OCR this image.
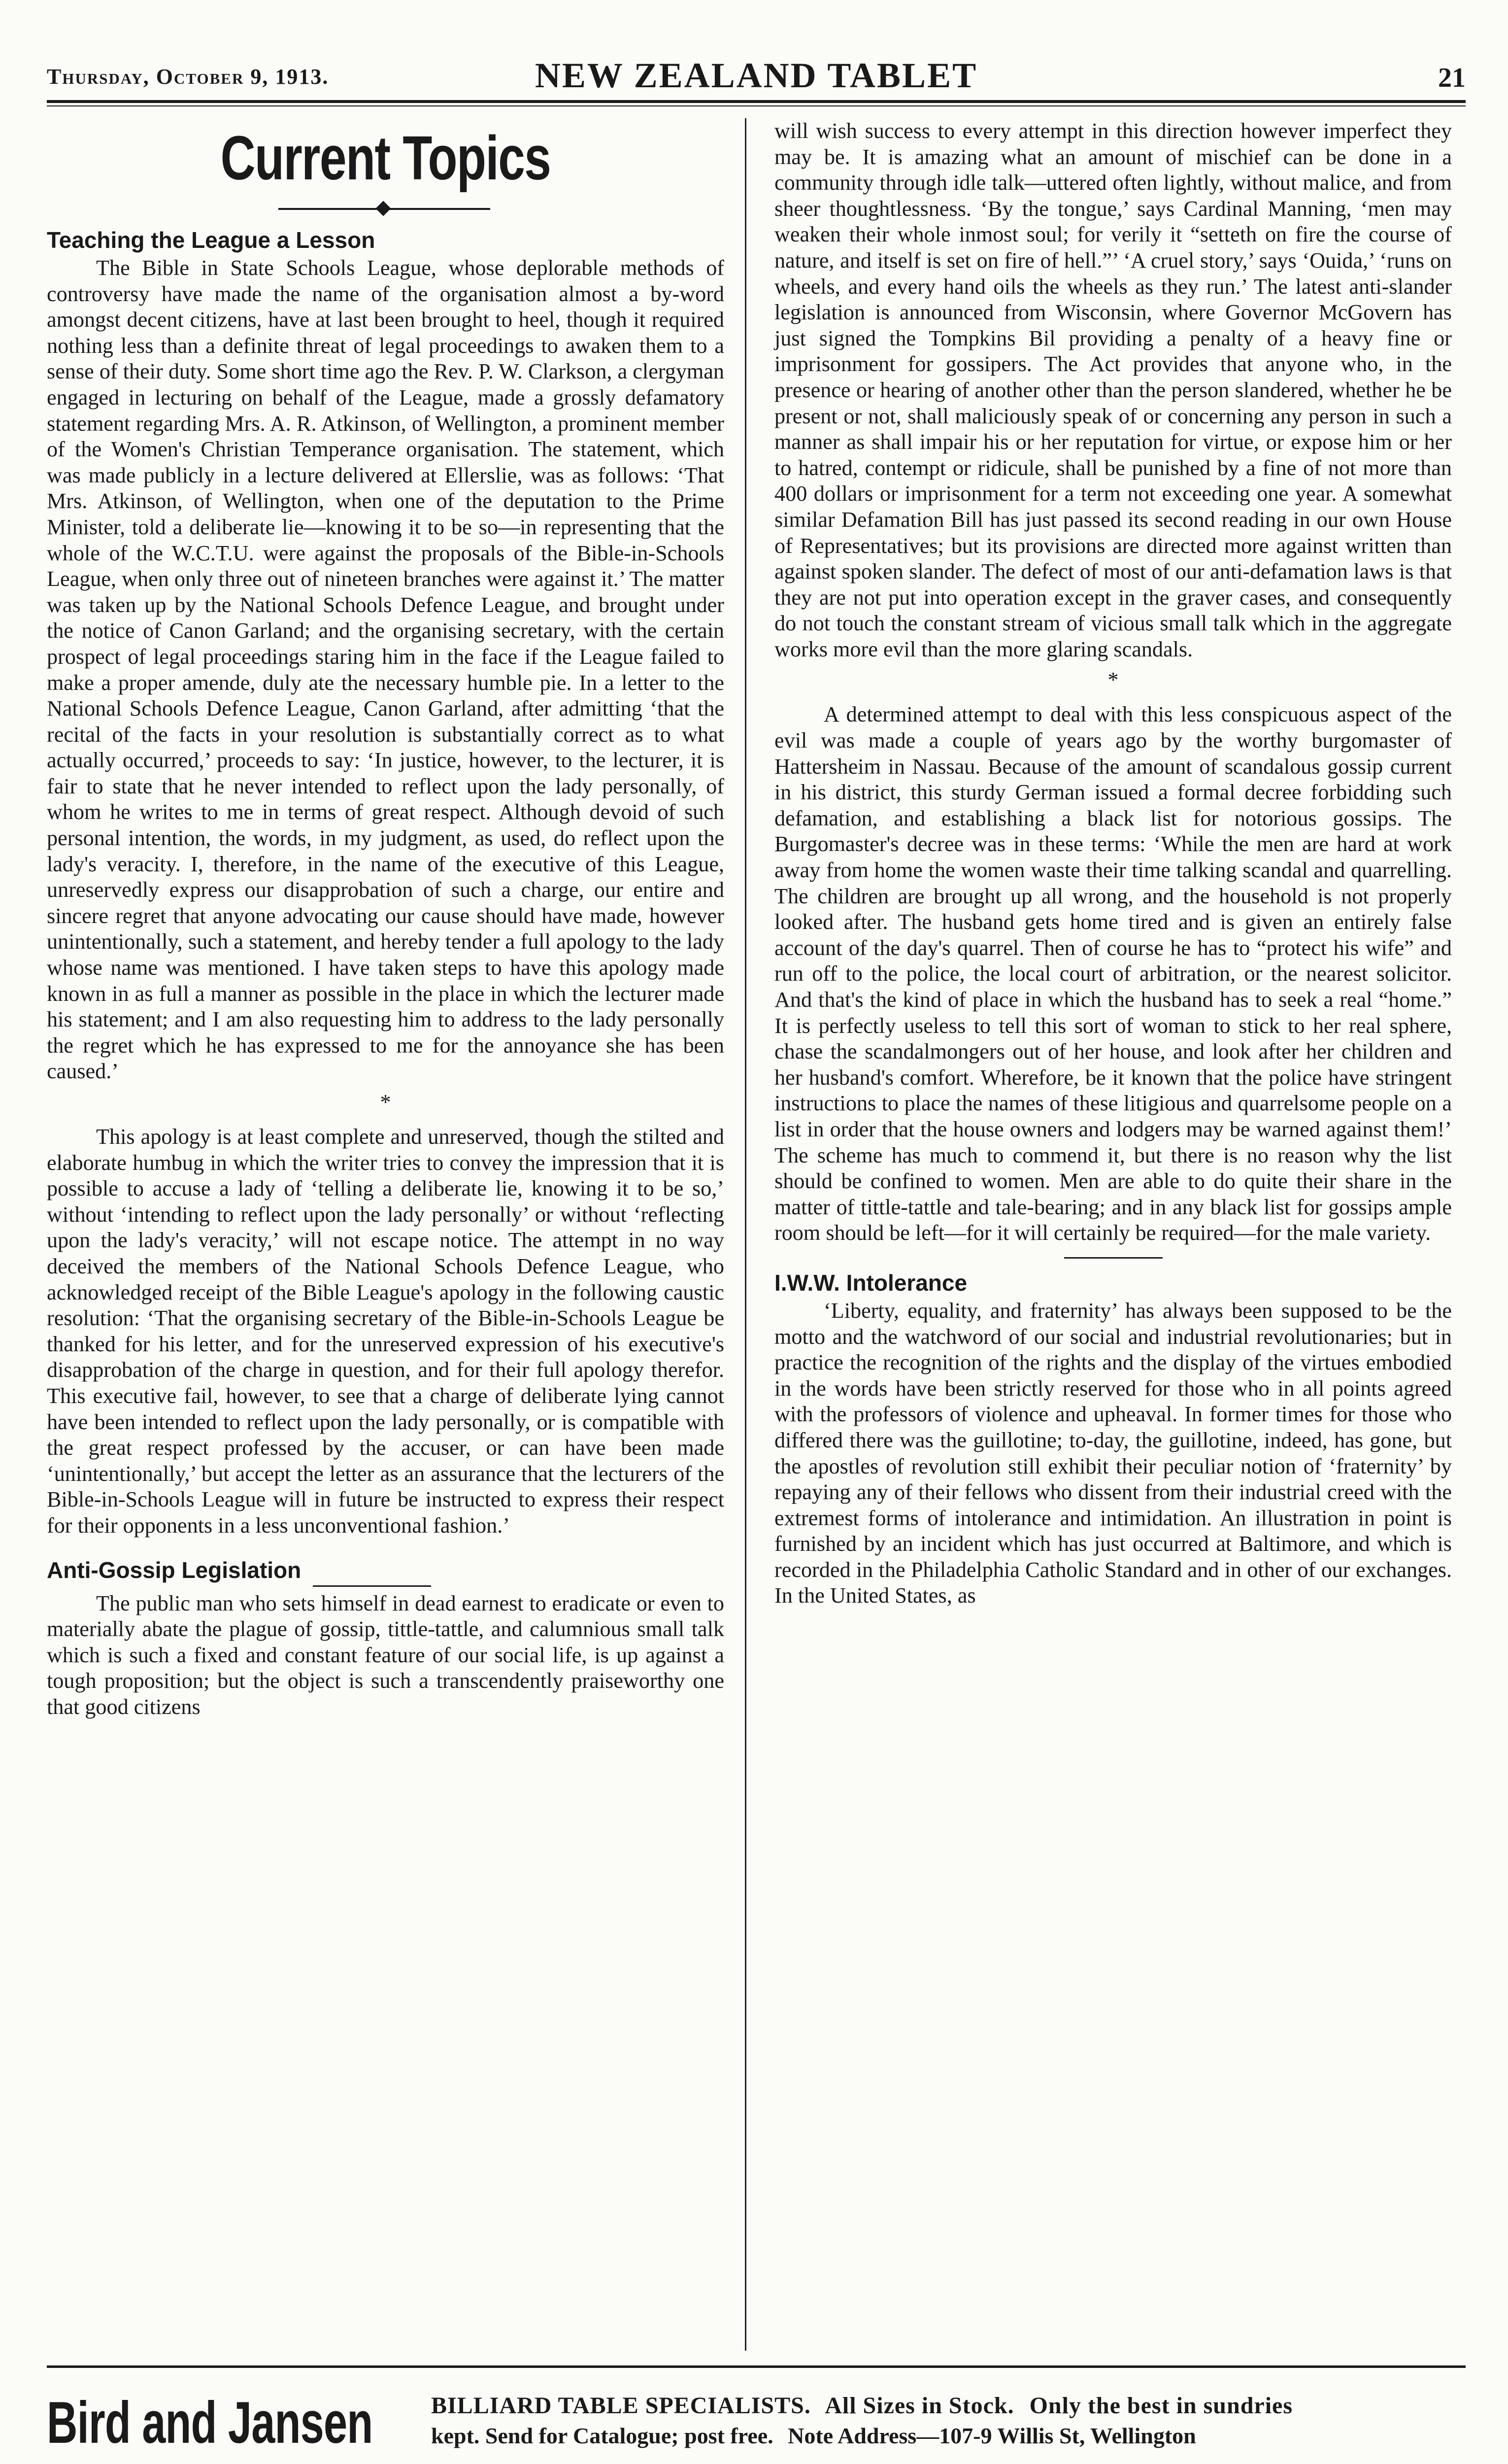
Thursday, October 9, 1913.	NEW ZEALAND TABLET	21
Current Topics
Teaching the League a Lesson

The Bible in State Schools League, whose deplorable methods of controversy have made the name of the organisation almost a by-word amongst decent citizens, have at last been brought to heel, though it required nothing less than a definite threat of legal proceedings to awaken them to a sense of their duty. Some short time ago the Rev. P. W. Clarkson, a clergyman engaged in lecturing on behalf of the League, made a grossly defamatory statement regarding Mrs. A. R. Atkinson, of Wellington, a prominent member of the Women's Christian Temperance organisation. The statement, which was made publicly in a lecture delivered at Ellerslie, was as follows: ‘That Mrs. Atkinson, of Wellington, when one of the deputation to the Prime Minister, told a deliberate lie—knowing it to be so—in representing that the whole of the W.C.T.U. were against the proposals of the Bible-in-Schools League, when only three out of nineteen branches were against it.’ The matter was taken up by the National Schools Defence League, and brought under the notice of Canon Garland; and the organising secretary, with the certain prospect of legal proceedings staring him in the face if the League failed to make a proper amende, duly ate the necessary humble pie. In a letter to the National Schools Defence League, Canon Garland, after admitting ‘that the recital of the facts in your resolution is substantially correct as to what actually occurred,’ proceeds to say: ‘In justice, however, to the lecturer, it is fair to state that he never intended to reflect upon the lady personally, of whom he writes to me in terms of great respect. Although devoid of such personal intention, the words, in my judgment, as used, do reflect upon the lady's veracity. I, therefore, in the name of the executive of this League, unreservedly express our disapprobation of such a charge, our entire and sincere regret that anyone advocating our cause should have made, however unintentionally, such a statement, and hereby tender a full apology to the lady whose name was mentioned. I have taken steps to have this apology made known in as full a manner as possible in the place in which the lecturer made his statement; and I am also requesting him to address to the lady personally the regret which he has expressed to me for the annoyance she has been caused.’

*

This apology is at least complete and unreserved, though the stilted and elaborate humbug in which the writer tries to convey the impression that it is possible to accuse a lady of ‘telling a deliberate lie, knowing it to be so,’ without ‘intending to reflect upon the lady personally’ or without ‘reflecting upon the lady's veracity,’ will not escape notice. The attempt in no way deceived the members of the National Schools Defence League, who acknowledged receipt of the Bible League's apology in the following caustic resolution: ‘That the organising secretary of the Bible-in-Schools League be thanked for his letter, and for the unreserved expression of his executive's disapprobation of the charge in question, and for their full apology therefor. This executive fail, however, to see that a charge of deliberate lying cannot have been intended to reflect upon the lady personally, or is compatible with the great respect professed by the accuser, or can have been made ‘unintentionally,’ but accept the letter as an assurance that the lecturers of the Bible-in-Schools League will in future be instructed to express their respect for their opponents in a less unconventional fashion.’

Anti-Gossip Legislation

The public man who sets himself in dead earnest to eradicate or even to materially abate the plague of gossip, tittle-tattle, and calumnious small talk which is such a fixed and constant feature of our social life, is up against a tough proposition; but the object is such a transcendently praiseworthy one that good citizens

will wish success to every attempt in this direction however imperfect they may be. It is amazing what an amount of mischief can be done in a community through idle talk—uttered often lightly, without malice, and from sheer thoughtlessness. ‘By the tongue,’ says Cardinal Manning, ‘men may weaken their whole inmost soul; for verily it “setteth on fire the course of nature, and itself is set on fire of hell.”’ ‘A cruel story,’ says ‘Ouida,’ ‘runs on wheels, and every hand oils the wheels as they run.’ The latest anti-slander legislation is announced from Wisconsin, where Governor McGovern has just signed the Tompkins Bil providing a penalty of a heavy fine or imprisonment for gossipers. The Act provides that anyone who, in the presence or hearing of another other than the person slandered, whether he be present or not, shall maliciously speak of or concerning any person in such a manner as shall impair his or her reputation for virtue, or expose him or her to hatred, contempt or ridicule, shall be punished by a fine of not more than 400 dollars or imprisonment for a term not exceeding one year. A somewhat similar Defamation Bill has just passed its second reading in our own House of Representatives; but its provisions are directed more against written than against spoken slander. The defect of most of our anti-defamation laws is that they are not put into operation except in the graver cases, and consequently do not touch the constant stream of vicious small talk which in the aggregate works more evil than the more glaring scandals.

*

A determined attempt to deal with this less conspicuous aspect of the evil was made a couple of years ago by the worthy burgomaster of Hattersheim in Nassau. Because of the amount of scandalous gossip current in his district, this sturdy German issued a formal decree forbidding such defamation, and establishing a black list for notorious gossips. The Burgomaster's decree was in these terms: ‘While the men are hard at work away from home the women waste their time talking scandal and quarrelling. The children are brought up all wrong, and the household is not properly looked after. The husband gets home tired and is given an entirely false account of the day's quarrel. Then of course he has to “protect his wife” and run off to the police, the local court of arbitration, or the nearest solicitor. And that's the kind of place in which the husband has to seek a real “home.” It is perfectly useless to tell this sort of woman to stick to her real sphere, chase the scandalmongers out of her house, and look after her children and her husband's comfort. Wherefore, be it known that the police have stringent instructions to place the names of these litigious and quarrelsome people on a list in order that the house owners and lodgers may be warned against them!’ The scheme has much to commend it, but there is no reason why the list should be confined to women. Men are able to do quite their share in the matter of tittle-tattle and tale-bearing; and in any black list for gossips ample room should be left—for it will certainly be required—for the male variety.

I.W.W. Intolerance

‘Liberty, equality, and fraternity’ has always been supposed to be the motto and the watchword of our social and industrial revolutionaries; but in practice the recognition of the rights and the display of the virtues embodied in the words have been strictly reserved for those who in all points agreed with the professors of violence and upheaval. In former times for those who differed there was the guillotine; to-day, the guillotine, indeed, has gone, but the apostles of revolution still exhibit their peculiar notion of ‘fraternity’ by repaying any of their fellows who dissent from their industrial creed with the extremest forms of intolerance and intimidation. An illustration in point is furnished by an incident which has just occurred at Baltimore, and which is recorded in the Philadelphia Catholic Standard and in other of our exchanges. In the United States, as

Bird and Jansen BILLIARD TABLE SPECIALISTS. All Sizes in Stock. Only the best in sundries
kept. Send for Catalogue; post free. Note Address—107-9 Willis St, Wellington
